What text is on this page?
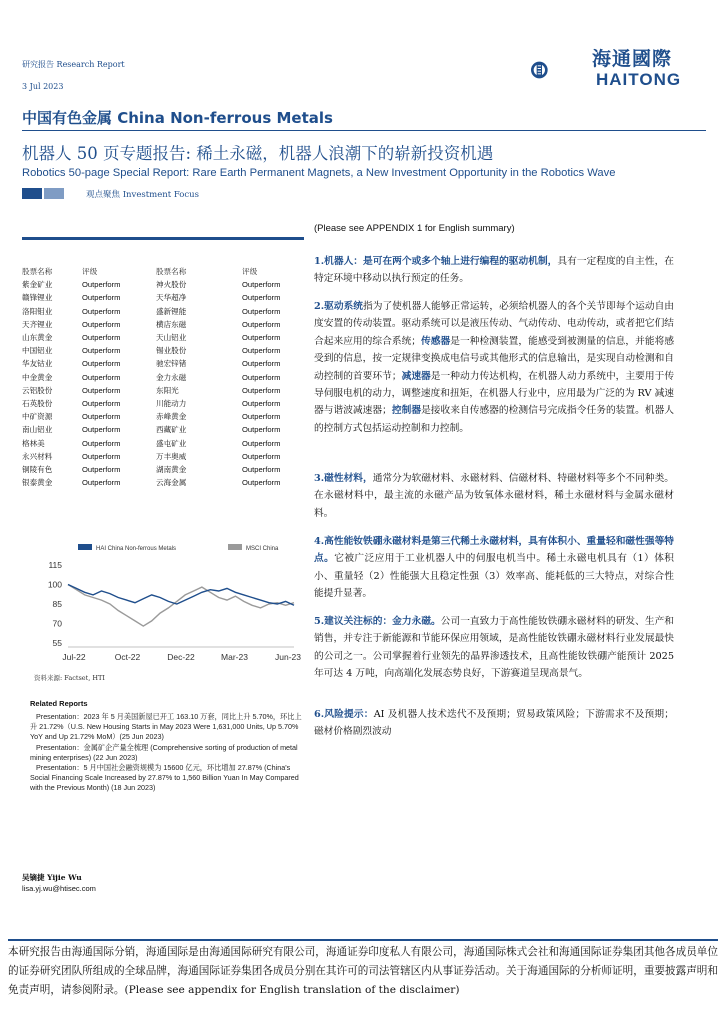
研究报告 Research Report
3 Jul 2023
海通國際
HAITONG
中国有色金属 China Non-ferrous Metals
机器人 50 页专题报告: 稀土永磁，机器人浪潮下的崭新投资机遇
Robotics 50-page Special Report: Rare Earth Permanent Magnets, a New Investment Opportunity in the Robotics Wave
观点聚焦 Investment Focus
股票名称	评级	股票名称	评级
紫金矿业	Outperform	神火股份	Outperform
赣锋锂业	Outperform	天华超净	Outperform
洛阳钼业	Outperform	盛新锂能	Outperform
天齐锂业	Outperform	横店东磁	Outperform
山东黄金	Outperform	天山铝业	Outperform
中国铝业	Outperform	锡业股份	Outperform
华友钴业	Outperform	驰宏锌锗	Outperform
中金黄金	Outperform	金力永磁	Outperform
云铝股份	Outperform	东阳光	Outperform
石英股份	Outperform	川能动力	Outperform
中矿资源	Outperform	赤峰黄金	Outperform
南山铝业	Outperform	西藏矿业	Outperform
格林美	Outperform	盛屯矿业	Outperform
永兴材料	Outperform	万丰奥威	Outperform
铜陵有色	Outperform	湖南黄金	Outperform
银泰黄金	Outperform	云海金属	Outperform
HAI China Non-ferrous Metals	MSCI China
115
100
85
70
55
Jul-22	Oct-22	Dec-22	Mar-23	Jun-23
资料来源: Factset, HTI
Related Reports

Presentation：2023 年 5 月美国新屋已开工 163.10 万套，同比上升 5.70%，环比上升 21.72%（U.S. New Housing Starts in May 2023 Were 1,631,000 Units, Up 5.70% YoY and Up 21.72% MoM）(25 Jun 2023)

Presentation：金属矿企产量全梳理 (Comprehensive sorting of production of metal mining enterprises) (22 Jun 2023)

Presentation：5 月中国社会融资规模为 15600 亿元，环比增加 27.87% (China's Social Financing Scale Increased by 27.87% to 1,560 Billion Yuan In May Compared with the Previous Month) (18 Jun 2023)

吴镝捷 Yijie Wu
lisa.yj.wu@htisec.com
(Please see APPENDIX 1 for English summary)
1.机器人：是可在两个或多个轴上进行编程的驱动机制，具有一定程度的自主性，在特定环境中移动以执行预定的任务。
2.驱动系统指为了使机器人能够正常运转，必须给机器人的各个关节即每个运动自由度安置的传动装置。驱动系统可以是液压传动、气动传动、电动传动，或者把它们结合起来应用的综合系统；传感器是一种检测装置，能感受到被测量的信息，并能将感受到的信息，按一定规律变换成电信号或其他形式的信息输出，是实现自动检测和自动控制的首要环节；减速器是一种动力传达机构，在机器人动力系统中，主要用于传导伺服电机的动力，调整速度和扭矩，在机器人行业中，应用最为广泛的为 RV 减速器与谐波减速器；控制器是接收来自传感器的检测信号完成指令任务的装置。机器人的控制方式包括运动控制和力控制。
3.磁性材料，通常分为软磁材料、永磁材料、信磁材料、特磁材料等多个不同种类。在永磁材料中，最主流的永磁产品为钕氧体永磁材料，稀土永磁材料与金属永磁材料。
4.高性能钕铁硼永磁材料是第三代稀土永磁材料，具有体积小、重量轻和磁性强等特点。它被广泛应用于工业机器人中的伺服电机当中。稀土永磁电机具有（1）体积小、重量轻（2）性能强大且稳定性强（3）效率高、能耗低的三大特点，对综合性能提升显著。
5.建议关注标的：金力永磁。公司一直致力于高性能钕铁硼永磁材料的研发、生产和销售，并专注于新能源和节能环保应用领域，是高性能钕铁硼永磁材料行业发展最快的公司之一。公司掌握着行业领先的晶界渗透技术，且高性能钕铁硼产能预计 2025 年可达 4 万吨，向高端化发展态势良好，下游赛道呈现高景气。
6.风险提示：AI 及机器人技术迭代不及预期；贸易政策风险；下游需求不及预期；磁材价格剧烈波动
本研究报告由海通国际分销，海通国际是由海通国际研究有限公司，海通证券印度私人有限公司，海通国际株式会社和海通国际证券集团其他各成员单位的证券研究团队所组成的全球品牌，海通国际证券集团各成员分别在其许可的司法管辖区内从事证券活动。关于海通国际的分析师证明，重要披露声明和免责声明，请参阅附录。(Please see appendix for English translation of the disclaimer)
